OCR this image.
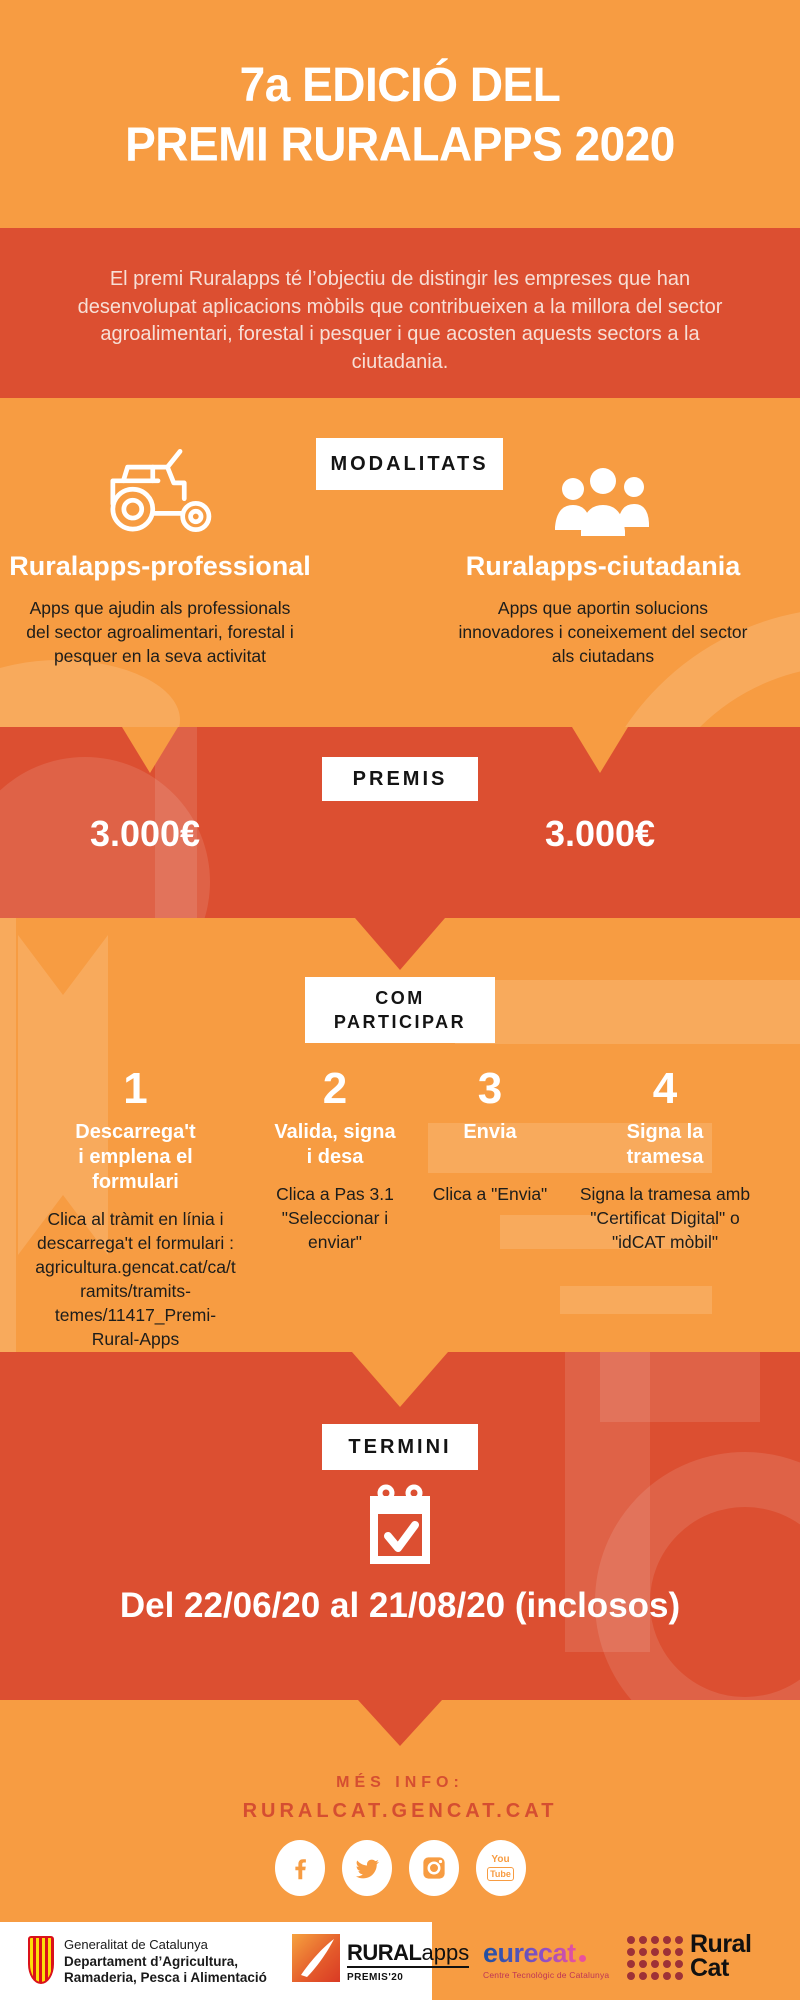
7a EDICIÓ DEL
PREMI RURALAPPS 2020
El premi Ruralapps té l’objectiu de distingir les empreses que han desenvolupat aplicacions mòbils que contribueixen a la millora del sector agroalimentari, forestal i pesquer i que acosten aquests sectors a la ciutadania.
MODALITATS
Ruralapps-professional	Ruralapps-ciutadania
Apps que ajudin als professionals del sector agroalimentari, forestal i pesquer en la seva activitat
Apps que aportin solucions innovadores i coneixement del sector als ciutadans
PREMIS
3.000€	3.000€
COM
PARTICIPAR
1
Descarrega't
i emplena el formulari
Clica al tràmit en línia i descarrega't el formulari : agricultura.gencat.cat/ca/tramits/tramits-temes/11417_Premi-Rural-Apps
2
Valida, signa
i desa
Clica a Pas 3.1 "Seleccionar i enviar"
3
Envia
Clica a "Envia"
4
Signa la
tramesa
Signa la tramesa amb "Certificat Digital" o "idCAT mòbil"
TERMINI
Del 22/06/20 al 21/08/20 (inclosos)
MÉS INFO:
RURALCAT.GENCAT.CAT
You
Tube
Generalitat de Catalunya
Departament d’Agricultura,
Ramaderia, Pesca i Alimentació
RURALapps
PREMIS'20
eurecat
Centre Tecnològic de Catalunya
Rural
Cat
